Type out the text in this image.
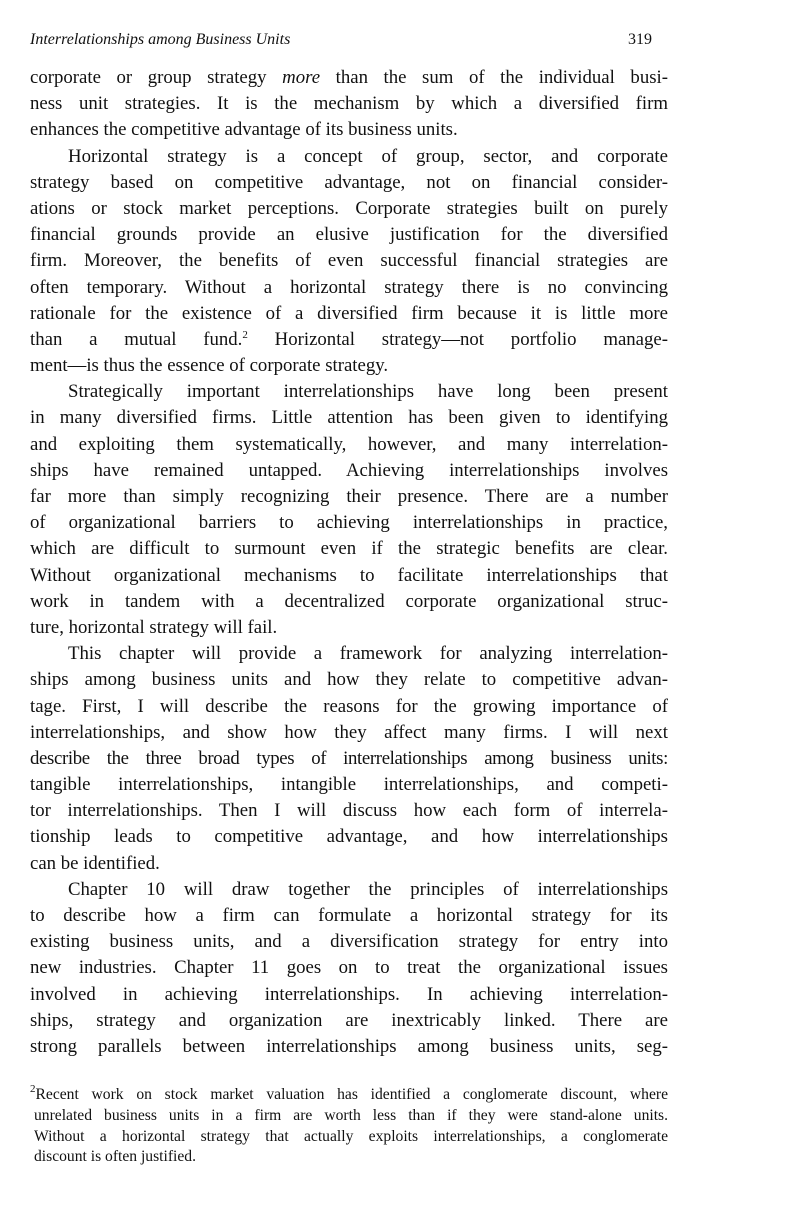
Interrelationships among Business Units	319
corporate or group strategy more than the sum of the individual busi-
ness unit strategies. It is the mechanism by which a diversified firm
enhances the competitive advantage of its business units.
Horizontal strategy is a concept of group, sector, and corporate
strategy based on competitive advantage, not on financial consider-
ations or stock market perceptions. Corporate strategies built on purely
financial grounds provide an elusive justification for the diversified
firm. Moreover, the benefits of even successful financial strategies are
often temporary. Without a horizontal strategy there is no convincing
rationale for the existence of a diversified firm because it is little more
than a mutual fund.$^2$ Horizontal strategy—not portfolio manage-
ment—is thus the essence of corporate strategy.
Strategically important interrelationships have long been present
in many diversified firms. Little attention has been given to identifying
and exploiting them systematically, however, and many interrelation-
ships have remained untapped. Achieving interrelationships involves
far more than simply recognizing their presence. There are a number
of organizational barriers to achieving interrelationships in practice,
which are difficult to surmount even if the strategic benefits are clear.
Without organizational mechanisms to facilitate interrelationships that
work in tandem with a decentralized corporate organizational struc-
ture, horizontal strategy will fail.
This chapter will provide a framework for analyzing interrelation-
ships among business units and how they relate to competitive advan-
tage. First, I will describe the reasons for the growing importance of
interrelationships, and show how they affect many firms. I will next
describe the three broad types of interrelationships among business units:
tangible interrelationships, intangible interrelationships, and competi-
tor interrelationships. Then I will discuss how each form of interrela-
tionship leads to competitive advantage, and how interrelationships
can be identified.
Chapter 10 will draw together the principles of interrelationships
to describe how a firm can formulate a horizontal strategy for its
existing business units, and a diversification strategy for entry into
new industries. Chapter 11 goes on to treat the organizational issues
involved in achieving interrelationships. In achieving interrelation-
ships, strategy and organization are inextricably linked. There are
strong parallels between interrelationships among business units, seg-
$^2$Recent work on stock market valuation has identified a conglomerate discount, where
unrelated business units in a firm are worth less than if they were stand-alone units.
Without a horizontal strategy that actually exploits interrelationships, a conglomerate
discount is often justified.
